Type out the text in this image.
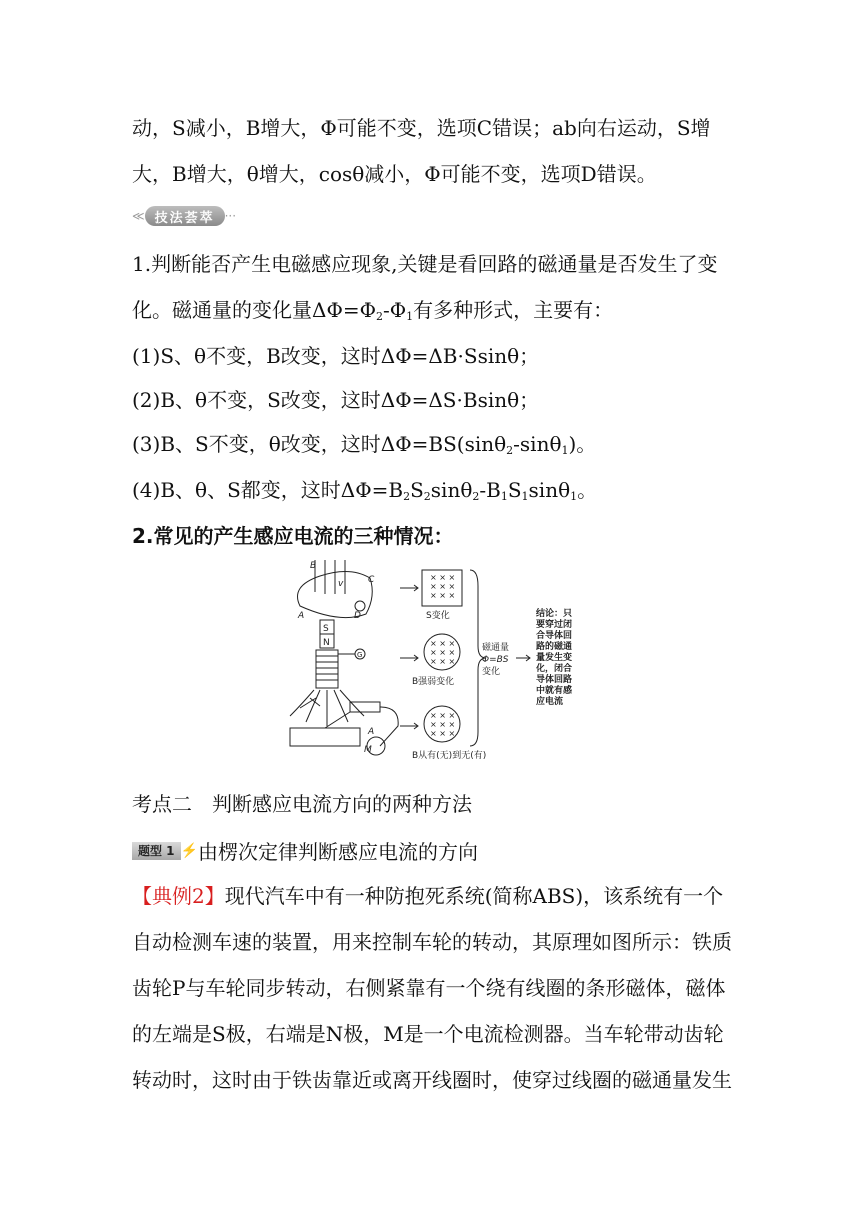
动，S减小，B增大，Φ可能不变，选项C错误；ab向右运动，S增
大，B增大，θ增大，cosθ减小，Φ可能不变，选项D错误。
≪ 技法荟萃 ···
1.判断能否产生电磁感应现象,关键是看回路的磁通量是否发生了变
化。磁通量的变化量$\Delta\Phi=\Phi_2-\Phi_1$有多种形式，主要有：
(1)S、θ不变，B改变，这时ΔΦ=ΔB·Ssinθ；
(2)B、θ不变，S改变，这时ΔΦ=ΔS·Bsinθ；
(3)B、S不变，θ改变，这时ΔΦ=BS(sinθ$_2$-sinθ$_1$)。
(4)B、θ、S都变，这时$\Delta\Phi=B_2S_2\sin\theta_2-B_1S_1\sin\theta_1$。
2.常见的产生感应电流的三种情况：
× × ×
× × ×
× × ×
× × ×
× × ×
× × ×
× × ×
× × ×
× × ×
A
B
C
D
v
M
A
S
N
G
S变化
B强弱变化
B从有(无)到无(有)
磁通量
Φ=BS
变化
结论：只
要穿过闭
合导体回
路的磁通
量发生变
化，闭合
导体回路
中就有感
应电流
考点二　判断感应电流方向的两种方法
题型 1 ⚡ 由楞次定律判断感应电流的方向
【典例2】现代汽车中有一种防抱死系统(简称ABS)，该系统有一个
自动检测车速的装置，用来控制车轮的转动，其原理如图所示：铁质
齿轮P与车轮同步转动，右侧紧靠有一个绕有线圈的条形磁体，磁体
的左端是S极，右端是N极，M是一个电流检测器。当车轮带动齿轮
转动时，这时由于铁齿靠近或离开线圈时，使穿过线圈的磁通量发生
